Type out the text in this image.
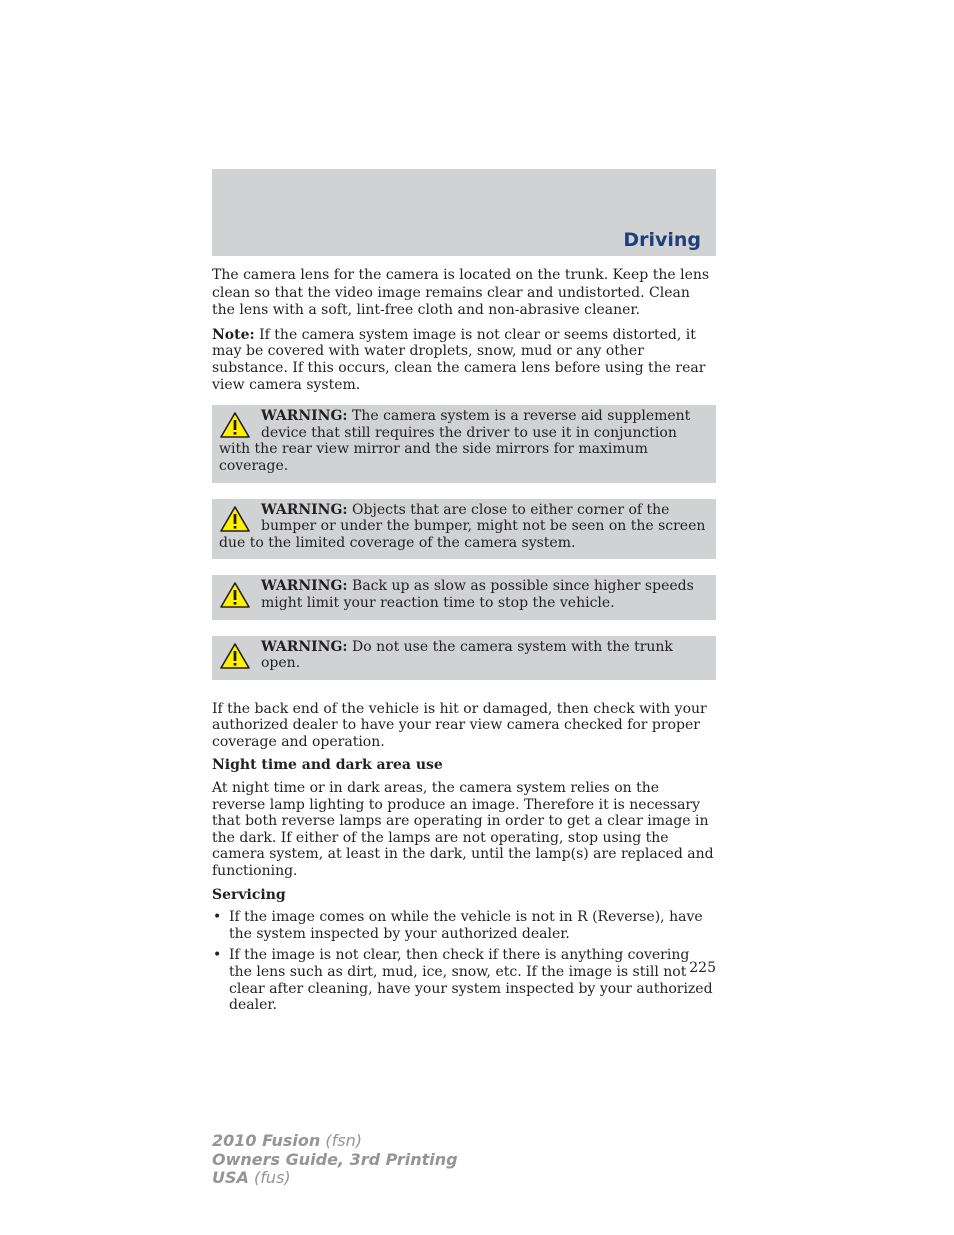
Driving

The camera lens for the camera is located on the trunk. Keep the lens clean so that the video image remains clear and undistorted. Clean the lens with a soft, lint-free cloth and non-abrasive cleaner.

Note: If the camera system image is not clear or seems distorted, it may be covered with water droplets, snow, mud or any other substance. If this occurs, clean the camera lens before using the rear view camera system.

WARNING: The camera system is a reverse aid supplement device that still requires the driver to use it in conjunction with the rear view mirror and the side mirrors for maximum coverage.
WARNING: Objects that are close to either corner of the bumper or under the bumper, might not be seen on the screen due to the limited coverage of the camera system.
WARNING: Back up as slow as possible since higher speeds might limit your reaction time to stop the vehicle.
WARNING: Do not use the camera system with the trunk open.

If the back end of the vehicle is hit or damaged, then check with your authorized dealer to have your rear view camera checked for proper coverage and operation.

Night time and dark area use

At night time or in dark areas, the camera system relies on the reverse lamp lighting to produce an image. Therefore it is necessary that both reverse lamps are operating in order to get a clear image in the dark. If either of the lamps are not operating, stop using the camera system, at least in the dark, until the lamp(s) are replaced and functioning.

Servicing
• If the image comes on while the vehicle is not in R (Reverse), have the system inspected by your authorized dealer.
• If the image is not clear, then check if there is anything covering the lens such as dirt, mud, ice, snow, etc. If the image is still not clear after cleaning, have your system inspected by your authorized dealer.
225
2010 Fusion (fsn)
Owners Guide, 3rd Printing
USA (fus)
